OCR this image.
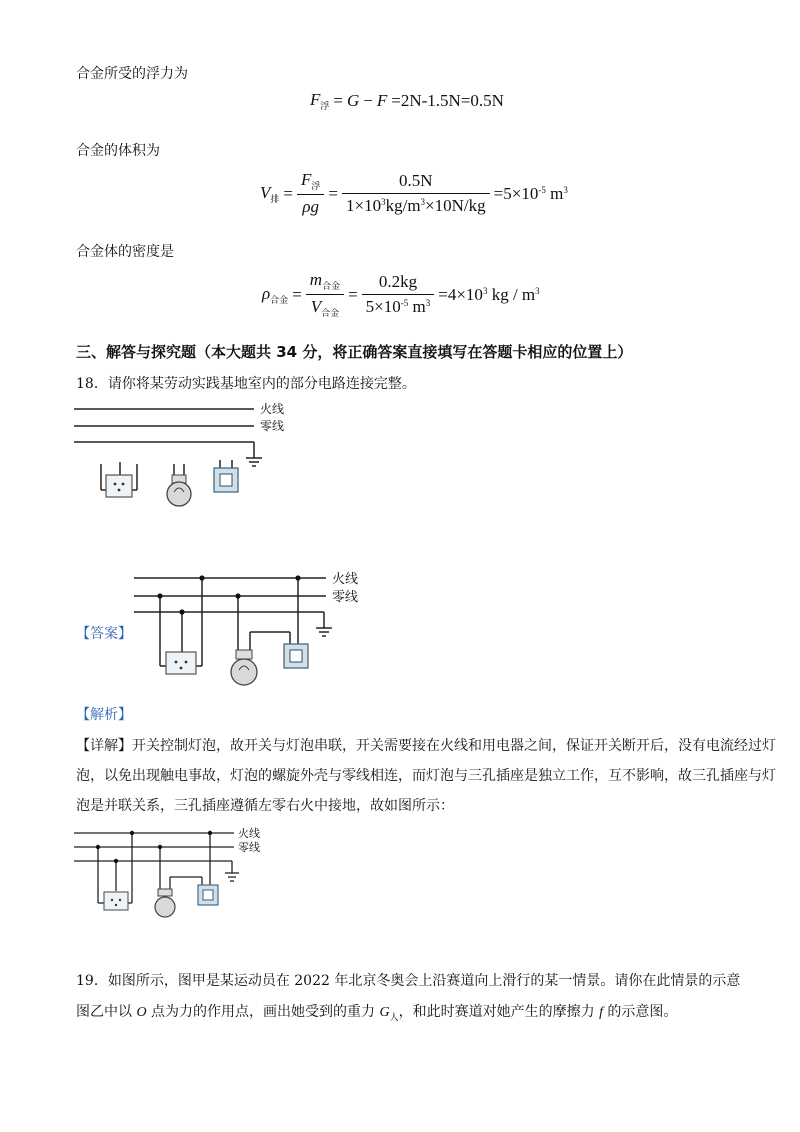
合金所受的浮力为
$F_浮 = G - F =2N-1.5N=0.5N$
合金的体积为
$V_排 = \frac{F_浮}{\rho g} = \frac{0.5N}{1\times 10^3kg/m^3\times 10N/kg} =5\times 10^{-5}$ $m^3$
合金体的密度是
$\rho_{合金} = \frac{m_{合金}}{V_{合金}} = \frac{0.2kg}{5\times 10^{-5} m^3} =4\times 10^3$ kg / $m^3$
三、解答与探究题（本大题共 34 分，将正确答案直接填写在答题卡相应的位置上）
18．请你将某劳动实践基地室内的部分电路连接完整。
火线
零线
火线
零线
【答案】
【解析】
【详解】开关控制灯泡，故开关与灯泡串联，开关需要接在火线和用电器之间，保证开关断开后，没有电流经过灯泡，以免出现触电事故，灯泡的螺旋外壳与零线相连，而灯泡与三孔插座是独立工作，互不影响，故三孔插座与灯泡是并联关系，三孔插座遵循左零右火中接地，故如图所示：
火线
零线
19．如图所示，图甲是某运动员在 2022 年北京冬奥会上沿赛道向上滑行的某一情景。请你在此情景的示意
图乙中以 O 点为力的作用点，画出她受到的重力 $G_人$，和此时赛道对她产生的摩擦力 f 的示意图。
